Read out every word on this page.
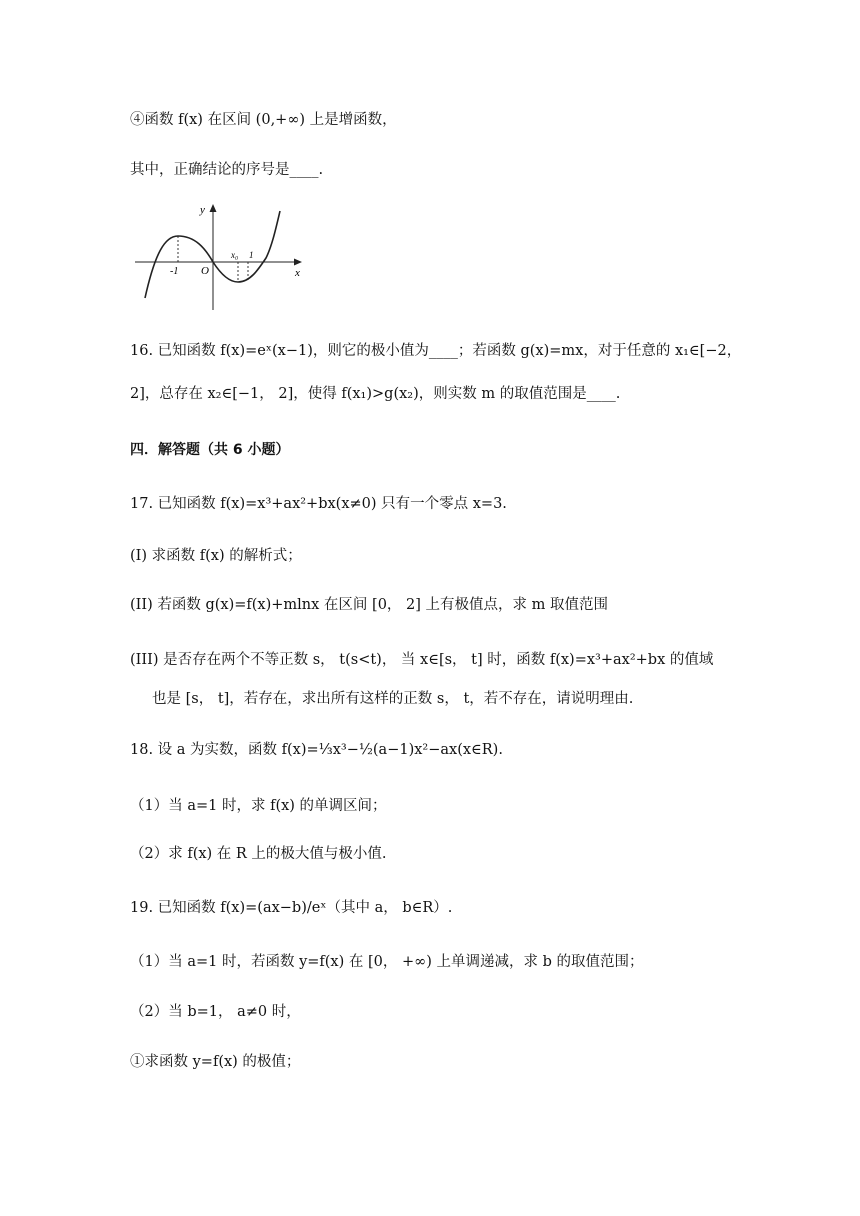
④函数 f(x) 在区间 (0,+∞) 上是增函数，
其中，正确结论的序号是____.
y
x
O
-1
x₀ 1
16. 已知函数 f(x)=eˣ(x−1)，则它的极小值为____；若函数 g(x)=mx，对于任意的 x₁∈[−2，
2]，总存在 x₂∈[−1， 2]，使得 f(x₁)>g(x₂)，则实数 m 的取值范围是____.
四．解答题（共 6 小题）
17. 已知函数 f(x)=x³+ax²+bx(x≠0) 只有一个零点 x=3.
(I) 求函数 f(x) 的解析式；
(II) 若函数 g(x)=f(x)+mlnx 在区间 [0， 2] 上有极值点，求 m 取值范围
(III) 是否存在两个不等正数 s， t(s<t)， 当 x∈[s， t] 时，函数 f(x)=x³+ax²+bx 的值域
也是 [s， t]，若存在，求出所有这样的正数 s， t，若不存在，请说明理由.
18. 设 a 为实数，函数 f(x)=⅓x³−½(a−1)x²−ax(x∈R).
（1）当 a=1 时，求 f(x) 的单调区间；
（2）求 f(x) 在 R 上的极大值与极小值.
19. 已知函数 f(x)=(ax−b)/eˣ（其中 a， b∈R）.
（1）当 a=1 时，若函数 y=f(x) 在 [0， +∞) 上单调递减，求 b 的取值范围；
（2）当 b=1， a≠0 时，
①求函数 y=f(x) 的极值；
